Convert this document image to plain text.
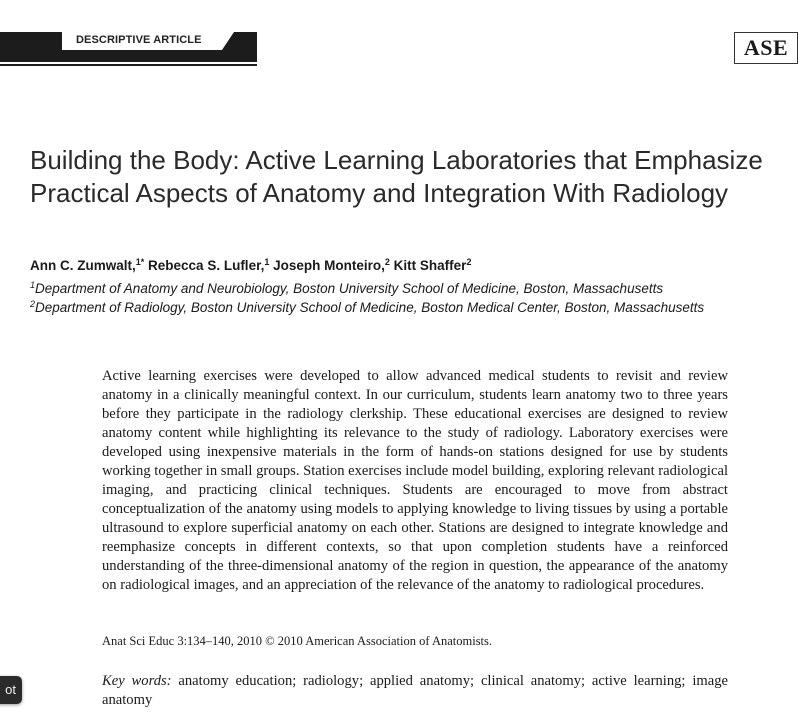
DESCRIPTIVE ARTICLE	ASE
Building the Body: Active Learning Laboratories that Emphasize Practical Aspects of Anatomy and Integration With Radiology
Ann C. Zumwalt,$^{1*}$ Rebecca S. Lufler,$^1$ Joseph Monteiro,$^2$ Kitt Shaffer$^2$
$^1$Department of Anatomy and Neurobiology, Boston University School of Medicine, Boston, Massachusetts
$^2$Department of Radiology, Boston University School of Medicine, Boston Medical Center, Boston, Massachusetts

Active learning exercises were developed to allow advanced medical students to revisit and review anatomy in a clinically meaningful context. In our curriculum, students learn anatomy two to three years before they participate in the radiology clerkship. These educational exercises are designed to review anatomy content while highlighting its relevance to the study of radiology. Laboratory exercises were developed using inexpensive materials in the form of hands-on stations designed for use by students working together in small groups. Station exercises include model building, exploring relevant radiological imaging, and practicing clinical techniques. Students are encouraged to move from abstract conceptualization of the anatomy using models to applying knowledge to living tissues by using a portable ultrasound to explore superficial anatomy on each other. Stations are designed to integrate knowledge and reemphasize concepts in different contexts, so that upon completion students have a reinforced understanding of the three-dimensional anatomy of the region in question, the appearance of the anatomy on radiological images, and an appreciation of the relevance of the anatomy to radiological procedures.

Anat Sci Educ 3:134–140, 2010 © 2010 American Association of Anatomists.

Key words: anatomy education; radiology; applied anatomy; clinical anatomy; active learning; image anatomy

ot
